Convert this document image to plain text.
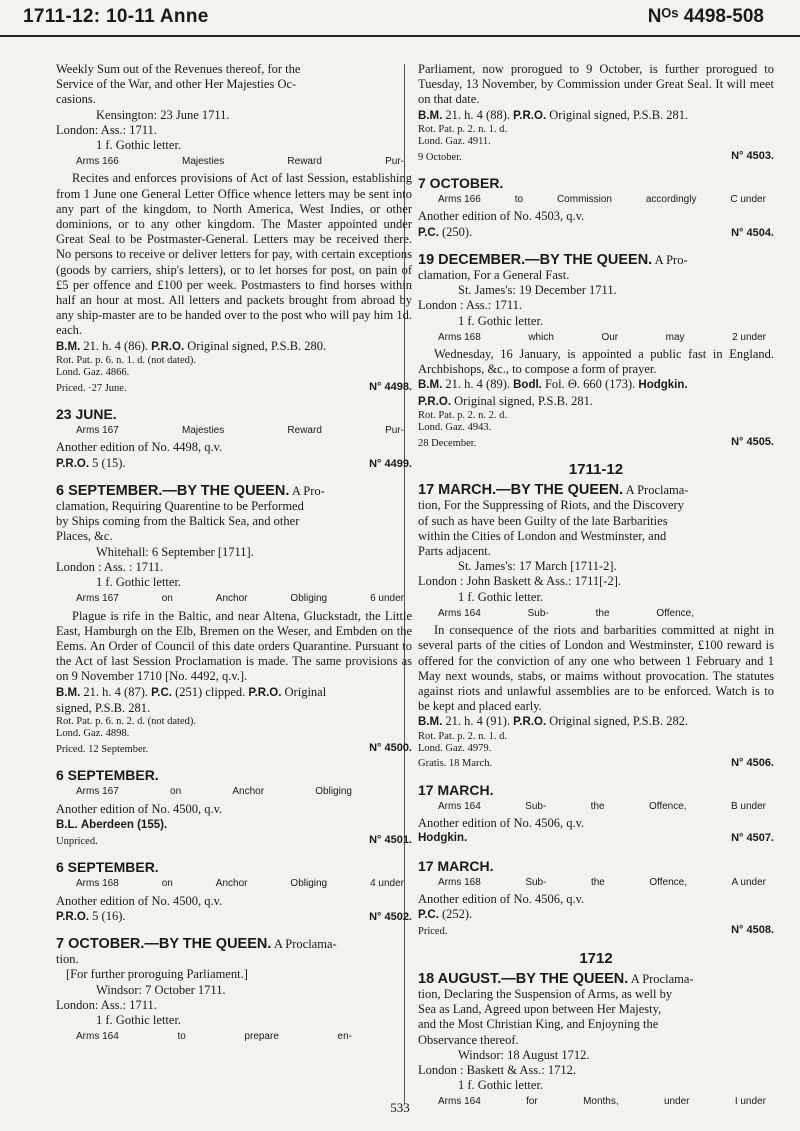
1711-12: 10-11 Anne	Nᴼˢ 4498-508
Weekly Sum out of the Revenues thereof, for the
Service of the War, and other Her Majesties Oc-
casions.
Kensington: 23 June 1711.
London: Ass.: 1711.
1 f. Gothic letter.
Arms 166	Majesties	Reward	Pur-
Recites and enforces provisions of Act of last Session, establishing from 1 June one General Letter Office whence letters may be sent into any part of the kingdom, to North America, West Indies, or other dominions, or to any other kingdom. The Master appointed under Great Seal to be Postmaster-General. Letters may be received there. No persons to receive or deliver letters for pay, with certain exceptions (goods by carriers, ship's letters), or to let horses for post, on pain of £5 per offence and £100 per week. Postmasters to find horses within half an hour at most. All letters and packets brought from abroad by any ship-master are to be handed over to the post who will pay him 1d. each.
B.M. 21. h. 4 (86). P.R.O. Original signed, P.S.B. 280.
Rot. Pat. p. 6. n. 1. d. (not dated).
Lond. Gaz. 4866.
Priced. ·27 June.	N° 4498.
23 JUNE.
Arms 167	Majesties	Reward	Pur-
Another edition of No. 4498, q.v.
P.R.O. 5 (15).	N° 4499.
6 SEPTEMBER.—BY THE QUEEN. A Pro-
clamation, Requiring Quarentine to be Performed
by Ships coming from the Baltick Sea, and other
Places, &c.
Whitehall: 6 September [1711].
London : Ass. : 1711.
1 f. Gothic letter.
Arms 167	on	Anchor	Obliging	6 under
Plague is rife in the Baltic, and near Altena, Gluckstadt, the Little East, Hamburgh on the Elb, Bremen on the Weser, and Embden on the Eems. An Order of Council of this date orders Quarantine. Pursuant to the Act of last Session Proclamation is made. The same provisions as on 9 November 1710 [No. 4492, q.v.].
B.M. 21. h. 4 (87). P.C. (251) clipped. P.R.O. Original
signed, P.S.B. 281.
Rot. Pat. p. 6. n. 2. d. (not dated).
Lond. Gaz. 4898.
Priced. 12 September.	N° 4500.
6 SEPTEMBER.
Arms 167	on	Anchor	Obliging
Another edition of No. 4500, q.v.
B.L. Aberdeen (155).
Unpriced.	N° 4501.
6 SEPTEMBER.
Arms 168	on	Anchor	Obliging	4 under
Another edition of No. 4500, q.v.
P.R.O. 5 (16).	N° 4502.
7 OCTOBER.—BY THE QUEEN. A Proclama-
tion.
[For further proroguing Parliament.]
Windsor: 7 October 1711.
London: Ass.: 1711.
1 f. Gothic letter.
Arms 164	to	prepare	en-
Parliament, now prorogued to 9 October, is further prorogued to Tuesday, 13 November, by Commission under Great Seal. It will meet on that date.
B.M. 21. h. 4 (88). P.R.O. Original signed, P.S.B. 281.
Rot. Pat. p. 2. n. 1. d.
Lond. Gaz. 4911.
9 October.	N° 4503.
7 OCTOBER.
Arms 166	to	Commission	accordingly	C under
Another edition of No. 4503, q.v.
P.C. (250).	N° 4504.
19 DECEMBER.—BY THE QUEEN. A Pro-
clamation, For a General Fast.
St. James's: 19 December 1711.
London : Ass.: 1711.
1 f. Gothic letter.
Arms 168	which	Our	may	2 under
Wednesday, 16 January, is appointed a public fast in England. Archbishops, &c., to compose a form of prayer.
B.M. 21. h. 4 (89). Bodl. Fol. Θ. 660 (173). Hodgkin.
P.R.O. Original signed, P.S.B. 281.
Rot. Pat. p. 2. n. 2. d.
Lond. Gaz. 4943.
28 December.	N° 4505.
1711-12
17 MARCH.—BY THE QUEEN. A Proclama-
tion, For the Suppressing of Riots, and the Discovery
of such as have been Guilty of the late Barbarities
within the Cities of London and Westminster, and
Parts adjacent.
St. James's: 17 March [1711-2].
London : John Baskett & Ass.: 1711[-2].
1 f. Gothic letter.
Arms 164	Sub-	the	Offence,
In consequence of the riots and barbarities committed at night in several parts of the cities of London and Westminster, £100 reward is offered for the conviction of any one who between 1 February and 1 May next wounds, stabs, or maims without provocation. The statutes against riots and unlawful assemblies are to be enforced. Watch is to be kept and placed early.
B.M. 21. h. 4 (91). P.R.O. Original signed, P.S.B. 282.
Rot. Pat. p. 2. n. 1. d.
Lond. Gaz. 4979.
Gratis. 18 March.	N° 4506.
17 MARCH.
Arms 164	Sub-	the	Offence,	B under
Another edition of No. 4506, q.v.
Hodgkin.	N° 4507.
17 MARCH.
Arms 168	Sub-	the	Offence,	A under
Another edition of No. 4506, q.v.
P.C. (252).
Priced.	N° 4508.
1712
18 AUGUST.—BY THE QUEEN. A Proclama-
tion, Declaring the Suspension of Arms, as well by
Sea as Land, Agreed upon between Her Majesty,
and the Most Christian King, and Enjoyning the
Observance thereof.
Windsor: 18 August 1712.
London : Baskett & Ass.: 1712.
1 f. Gothic letter.
Arms 164	for	Months,	under	I under
533
